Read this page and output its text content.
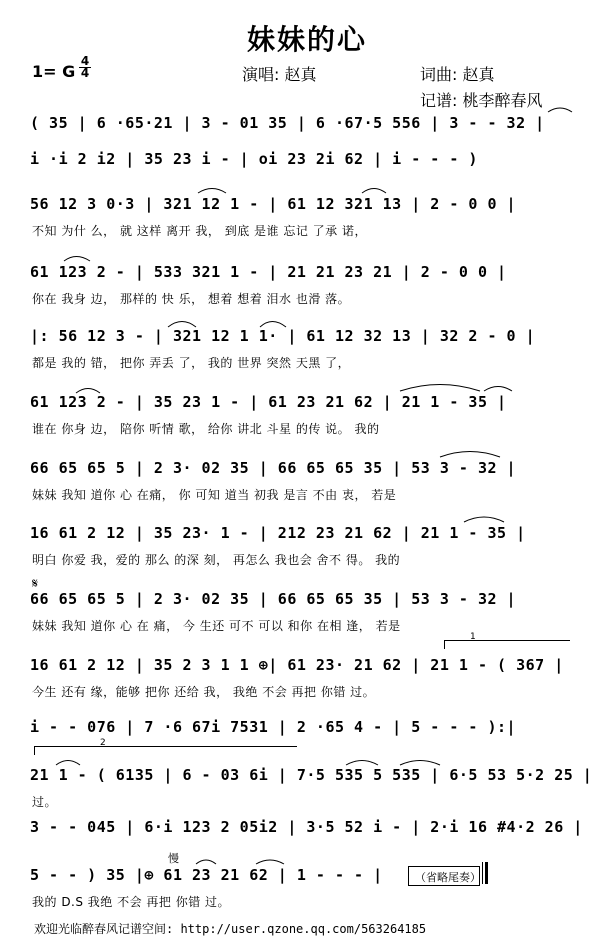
妹妹的心
1= G
4
4	演唱: 赵真	词曲: 赵真
记谱: 桃李醉春风
( 35 | 6 ·65·21 | 3 - 01 35 | 6 ·67·5 556 | 3 - - 32 |
i ·i 2 i2 | 35 23 i - | oi 23 2i 62 | i - - - )
56 12 3 0·3 | 321 12 1 - | 61 12 321 13 | 2 - 0 0 |
不知 为什 么， 就 这样 离开 我， 到底 是谁 忘记 了承 诺，
61 123 2 - | 533 321 1 - | 21 21 23 21 | 2 - 0 0 |
你在 我身 边， 那样的 快 乐， 想着 想着 泪水 也滑 落。
|: 56 12 3 - | 321 12 1 1· | 61 12 32 13 | 32 2 - 0 |
都是 我的 错， 把你 弄丢 了， 我的 世界 突然 天黑 了，
61 123 2 - | 35 23 1 - | 61 23 21 62 | 21 1 - 35 |
谁在 你身 边， 陪你 听情 歌， 给你 讲北 斗星 的传 说。 我的
66 65 65 5 | 2 3· 02 35 | 66 65 65 35 | 53 3 - 32 |
妹妹 我知 道你 心 在痛， 你 可知 道当 初我 是言 不由 衷， 若是
16 61 2 12 | 35 23· 1 - | 212 23 21 62 | 21 1 - 35 |
明白 你爱 我，爱的 那么 的深 刻， 再怎么 我也会 舍不 得。 我的
𝄋
66 65 65 5 | 2 3· 02 35 | 66 65 65 35 | 53 3 - 32 |
妹妹 我知 道你 心 在 痛， 今 生还 可不 可以 和你 在相 逢， 若是
1
16 61 2 12 | 35 2 3 1 1 ⊕| 61 23· 21 62 | 21 1 - ( 367 |
今生 还有 缘，能够 把你 还给 我， 我绝 不会 再把 你错 过。
i - - 076 | 7 ·6 67i 7531 | 2 ·65 4 - | 5 - - - ):|
2
21 1 - ( 6135 | 6 - 03 6i | 7·5 535 5 535 | 6·5 53 5·2 25 |
过。
3 - - 045 | 6·i 123 2 05i2 | 3·5 52 i - | 2·i 16 #4·2 26 |
慢
5 - - ) 35 |⊕ 61 23 21 62 | 1 - - - |
我的 D.S 我绝 不会 再把 你错 过。
（省略尾奏）
欢迎光临醉春风记谱空间: http://user.qzone.qq.com/563264185
